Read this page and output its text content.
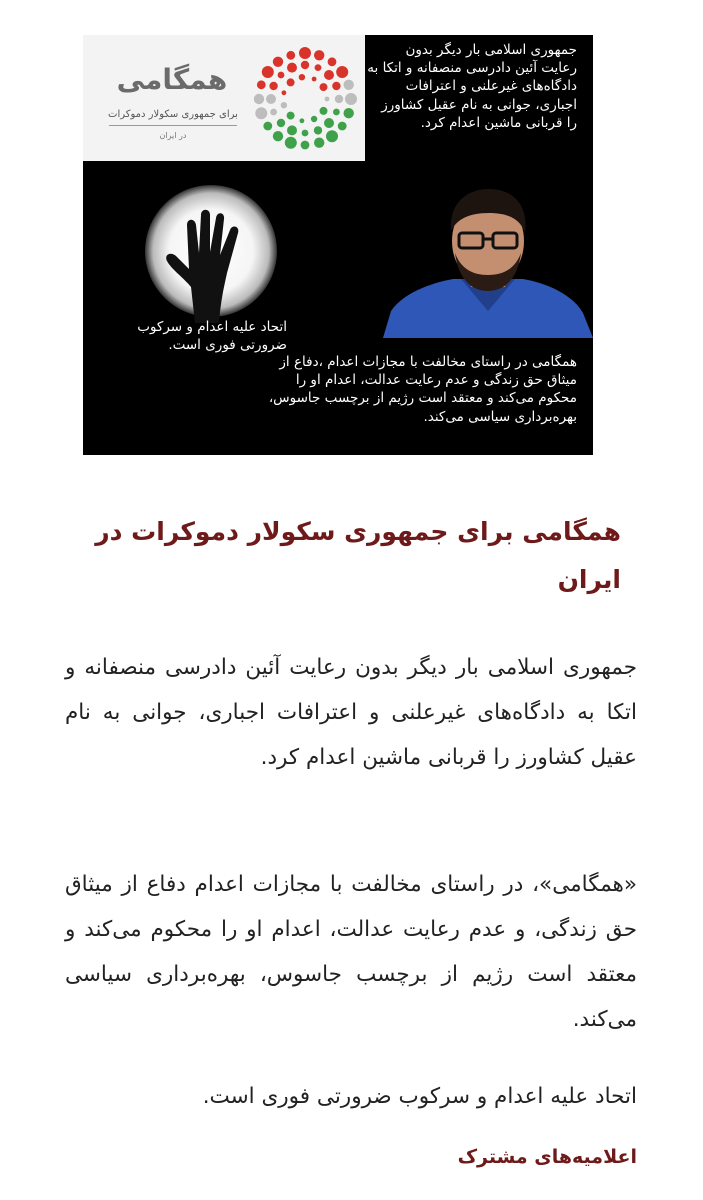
همگامی
برای جمهوری سکولار دموکرات
در ایران
جمهوری اسلامی بار دیگر بدون رعایت آئین دادرسی منصفانه و اتکا به دادگاه‌های غیرعلنی و اعترافات اجباری، جوانی به نام عقیل کشاورز را قربانی ماشین اعدام کرد.
اتحاد علیه اعدام و سرکوب ضرورتی فوری است.
همگامی در راستای مخالفت با مجازات اعدام ،دفاع از میثاق حق زندگی و عدم رعایت عدالت، اعدام او را محکوم می‌کند و معتقد است رژیم از برچسب جاسوس، بهره‌برداری سیاسی می‌کند.
همگامی برای جمهوری سکولار دموکرات در ایران

جمهوری اسلامی بار دیگر بدون رعایت آئین دادرسی منصفانه و اتکا به دادگاه‌های غیرعلنی و اعترافات اجباری، جوانی به نام عقیل کشاورز را قربانی ماشین اعدام کرد.

«همگامی»، در راستای مخالفت با مجازات اعدام دفاع از میثاق حق زندگی، و عدم رعایت عدالت، اعدام او را محکوم می‌کند و معتقد است رژیم از برچسب جاسوس، بهره‌برداری سیاسی می‌کند.

اتحاد علیه اعدام و سرکوب ضرورتی فوری است.

اعلامیه‌های مشترک
